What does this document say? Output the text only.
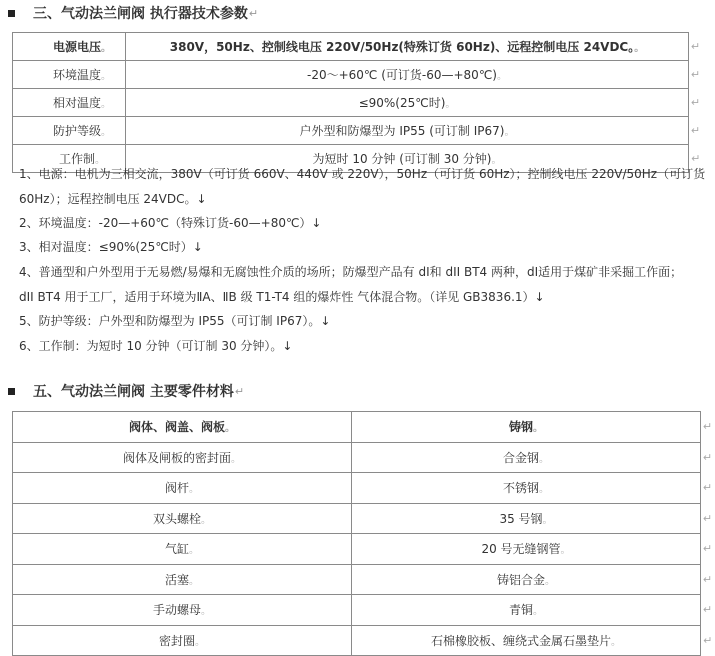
三、气动法兰闸阀 执行器技术参数 ↵
电源电压。	380V，50Hz、控制线电压 220V/50Hz(特殊订货 60Hz)、远程控制电压 24VDC。。	↵
环境温度。	-20～+60℃ (可订货-60—+80℃)。	↵
相对温度。	≤90%(25℃时)。	↵
防护等级。	户外型和防爆型为 IP55 (可订制 IP67)。	↵
工作制。	为短时 10 分钟 (可订制 30 分钟)。	↵
1、电源：电机为三相交流，380V（可订货 660V、440V 或 220V），50Hz（可订货 60Hz）；控制线电压 220V/50Hz（可订货
60Hz）；远程控制电压 24VDC。↓
2、环境温度：-20—+60℃（特殊订货-60—+80℃）↓
3、相对温度：≤90%(25℃时）↓
4、普通型和户外型用于无易燃/易爆和无腐蚀性介质的场所；防爆型产品有 dⅠ和 dII BT4 两种，dⅠ适用于煤矿非采掘工作面；
dII BT4 用于工厂，适用于环境为ⅡA、ⅡB 级 T1-T4 组的爆炸性 气体混合物。（详见 GB3836.1）↓
5、防护等级：户外型和防爆型为 IP55（可订制 IP67）。↓
6、工作制：为短时 10 分钟（可订制 30 分钟）。↓
五、气动法兰闸阀 主要零件材料 ↵
阀体、阀盖、阀板。	铸钢。	↵
阀体及闸板的密封面。	合金钢。	↵
阀杆。	不锈钢。	↵
双头螺栓。	35 号钢。	↵
气缸。	20 号无缝钢管。	↵
活塞。	铸铝合金。	↵
手动螺母。	青铜。	↵
密封圈。	石棉橡胶板、缠绕式金属石墨垫片。	↵
